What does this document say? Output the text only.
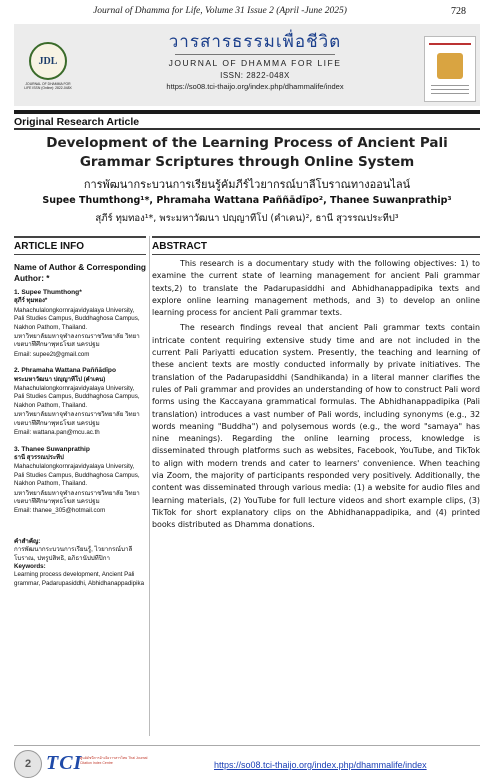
Journal of Dhamma for Life, Volume 31 Issue 2 (April -June 2025)	728
JDL
JOURNAL OF DHAMMA FOR LIFE ISSN (Online): 2822-048X
วารสารธรรมเพื่อชีวิต
JOURNAL OF DHAMMA FOR LIFE
ISSN: 2822-048X
https://so08.tci-thaijo.org/index.php/dhammalife/index
Original Research Article
Development of the Learning Process of Ancient Pali Grammar Scriptures through Online System
การพัฒนากระบวนการเรียนรู้คัมภีร์ไวยากรณ์บาลีโบราณทางออนไลน์
Supee Thumthong¹*, Phramaha Wattana Paññādīpo², Thanee Suwanprathip³
สุภีร์ ทุมทอง¹*, พระมหาวัฒนา ปญฺญาทีโป (คำเคน)², ธานี สุวรรณประทีป³
ARTICLE INFO	ABSTRACT
Name of Author & Corresponding Author: *
1. Supee Thumthong*
สุภีร์ ทุมทอง*
Mahachulalongkornrajavidyalaya University, Pali Studies Campus, Buddhaghosa Campus, Nakhon Pathom, Thailand.
มหาวิทยาลัยมหาจุฬาลงกรณราชวิทยาลัย วิทยาเขตบาฬีศึกษาพุทธโฆส นครปฐม
Email: supee2t@gmail.com
2. Phramaha Wattana Paññādīpo
พระมหาวัฒนา ปญฺญาทีโป (คำเคน)
Mahachulalongkornrajavidyalaya University, Pali Studies Campus, Buddhaghosa Campus, Nakhon Pathom, Thailand.
มหาวิทยาลัยมหาจุฬาลงกรณราชวิทยาลัย วิทยาเขตบาฬีศึกษาพุทธโฆส นครปฐม
Email: wattana.pan@mcu.ac.th
3. Thanee Suwanprathip
ธานี สุวรรณประทีป
Mahachulalongkornrajavidyalaya University, Pali Studies Campus, Buddhaghosa Campus, Nakhon Pathom, Thailand.
มหาวิทยาลัยมหาจุฬาลงกรณราชวิทยาลัย วิทยาเขตบาฬีศึกษาพุทธโฆส นครปฐม
Email: thanee_305@hotmail.com
คำสำคัญ:
การพัฒนากระบวนการเรียนรู้, ไวยากรณ์บาลีโบราณ, ปทรูปสิทธิ, อภิธานัปปทีปิกา
Keywords:
Learning process development, Ancient Pali grammar, Padarupasiddhi, Abhidhanappadipika

This research is a documentary study with the following objectives: 1) to examine the current state of learning management for ancient Pali grammar texts,2) to translate the Padarupasiddhi and Abhidhanappadipika texts and explore online learning management methods, and 3) to develop an online learning process for ancient Pali grammar texts.

The research findings reveal that ancient Pali grammar texts contain intricate content requiring extensive study time and are not included in the current Pali Pariyatti education system. Presently, the teaching and learning of these ancient texts are mostly conducted informally by private initiatives. The translation of the Padarupasiddhi (Sandhikanda) in a literal manner clarifies the rules of Pali grammar and provides an understanding of how to construct Pali word forms using the Kaccayana grammatical formulas. The Abhidhanappadipika (Pali translation) introduces a vast number of Pali words, including synonyms (e.g., 32 words meaning "Buddha") and polysemous words (e.g., the word "samaya" has nine meanings). Regarding the online learning process, knowledge is disseminated through platforms such as websites, Facebook, YouTube, and TikTok to align with modern trends and cater to learners' convenience. When teaching via Zoom, the majority of participants responded very positively. Additionally, the content was disseminated through various media: (1) a website for audio files and learning materials, (2) YouTube for full lecture videos and short example clips, (3) TikTok for short explanatory clips on the Abhidhanappadipika, and (4) printed books distributed as Dhamma donations.

2 TCI
ศูนย์ดัชนีการอ้างอิงวารสารไทย Thai Journal Citation Index Centre	https://so08.tci-thaijo.org/index.php/dhammalife/index
